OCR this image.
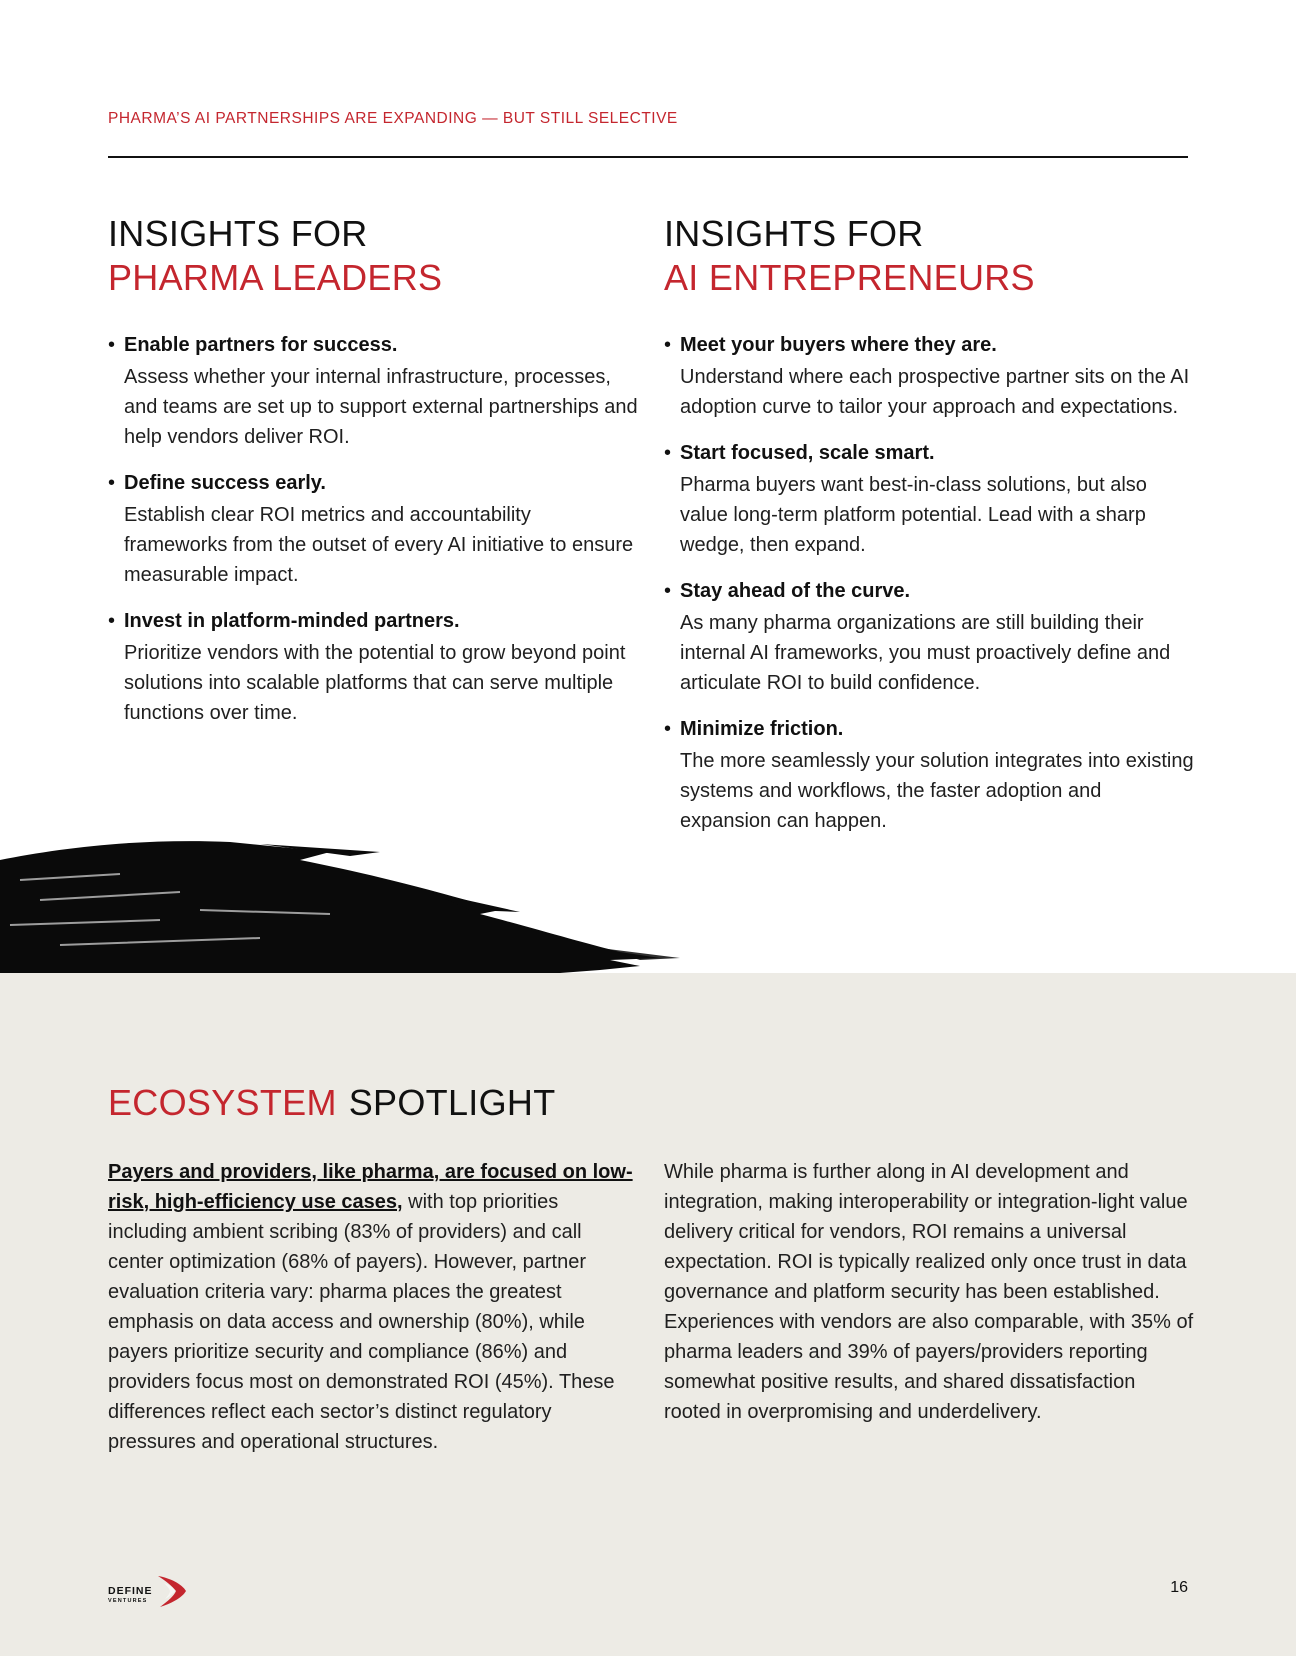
PHARMA’S AI PARTNERSHIPS ARE EXPANDING — BUT STILL SELECTIVE
INSIGHTS FOR
PHARMA LEADERS
• Enable partners for success.
Assess whether your internal infrastructure, processes, and teams are set up to support external partnerships and help vendors deliver ROI.
• Define success early.
Establish clear ROI metrics and accountability frameworks from the outset of every AI initiative to ensure measurable impact.
• Invest in platform-minded partners.
Prioritize vendors with the potential to grow beyond point solutions into scalable platforms that can serve multiple functions over time.
INSIGHTS FOR
AI ENTREPRENEURS
• Meet your buyers where they are.
Understand where each prospective partner sits on the AI adoption curve to tailor your approach and expectations.
• Start focused, scale smart.
Pharma buyers want best-in-class solutions, but also value long-term platform potential. Lead with a sharp wedge, then expand.
• Stay ahead of the curve.
As many pharma organizations are still building their internal AI frameworks, you must proactively define and articulate ROI to build confidence.
• Minimize friction.
The more seamlessly your solution integrates into existing systems and workflows, the faster adoption and expansion can happen.
ECOSYSTEM SPOTLIGHT

Payers and providers, like pharma, are focused on low-risk, high-efficiency use cases, with top priorities including ambient scribing (83% of providers) and call center optimization (68% of payers). However, partner evaluation criteria vary: pharma places the greatest emphasis on data access and ownership (80%), while payers prioritize security and compliance (86%) and providers focus most on demonstrated ROI (45%). These differences reflect each sector’s distinct regulatory pressures and operational structures.

While pharma is further along in AI development and integration, making interoperability or integration-light value delivery critical for vendors, ROI remains a universal expectation. ROI is typically realized only once trust in data governance and platform security has been established. Experiences with vendors are also comparable, with 35% of pharma leaders and 39% of payers/providers reporting somewhat positive results, and shared dissatisfaction rooted in overpromising and underdelivery.

DEFINE
VENTURES
16
